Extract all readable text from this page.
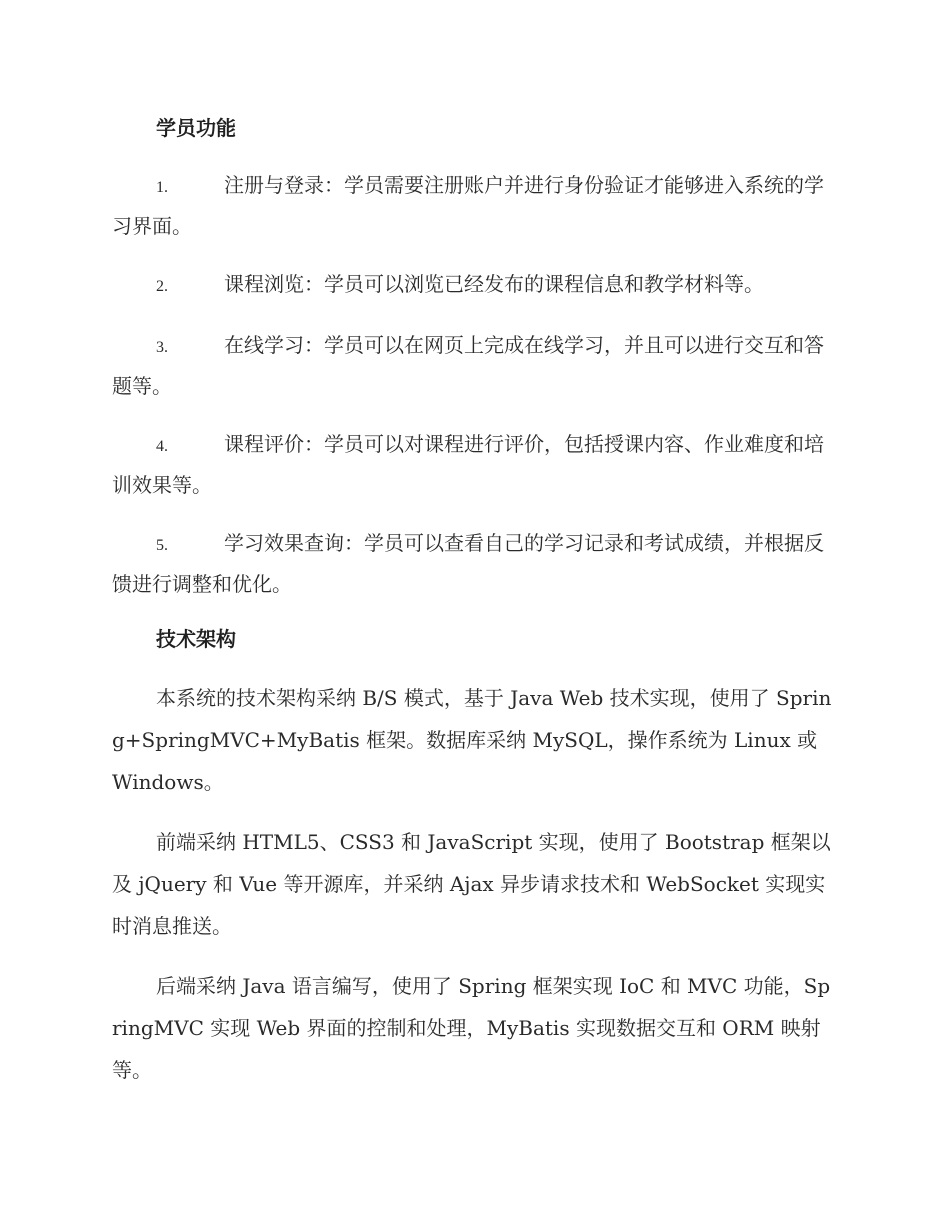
学员功能
1.	注册与登录：学员需要注册账户并进行身份验证才能够进入系统的学习界面。
2.	课程浏览：学员可以浏览已经发布的课程信息和教学材料等。
3.	在线学习：学员可以在网页上完成在线学习，并且可以进行交互和答题等。
4.	课程评价：学员可以对课程进行评价，包括授课内容、作业难度和培训效果等。
5.	学习效果查询：学员可以查看自己的学习记录和考试成绩，并根据反馈进行调整和优化。
技术架构

本系统的技术架构采纳 B/S 模式，基于 Java Web 技术实现，使用了 Spring+SpringMVC+MyBatis 框架。数据库采纳 MySQL，操作系统为 Linux 或 Windows。

前端采纳 HTML5、CSS3 和 JavaScript 实现，使用了 Bootstrap 框架以及 jQuery 和 Vue 等开源库，并采纳 Ajax 异步请求技术和 WebSocket 实现实时消息推送。

后端采纳 Java 语言编写，使用了 Spring 框架实现 IoC 和 MVC 功能，SpringMVC 实现 Web 界面的控制和处理，MyBatis 实现数据交互和 ORM 映射等。
